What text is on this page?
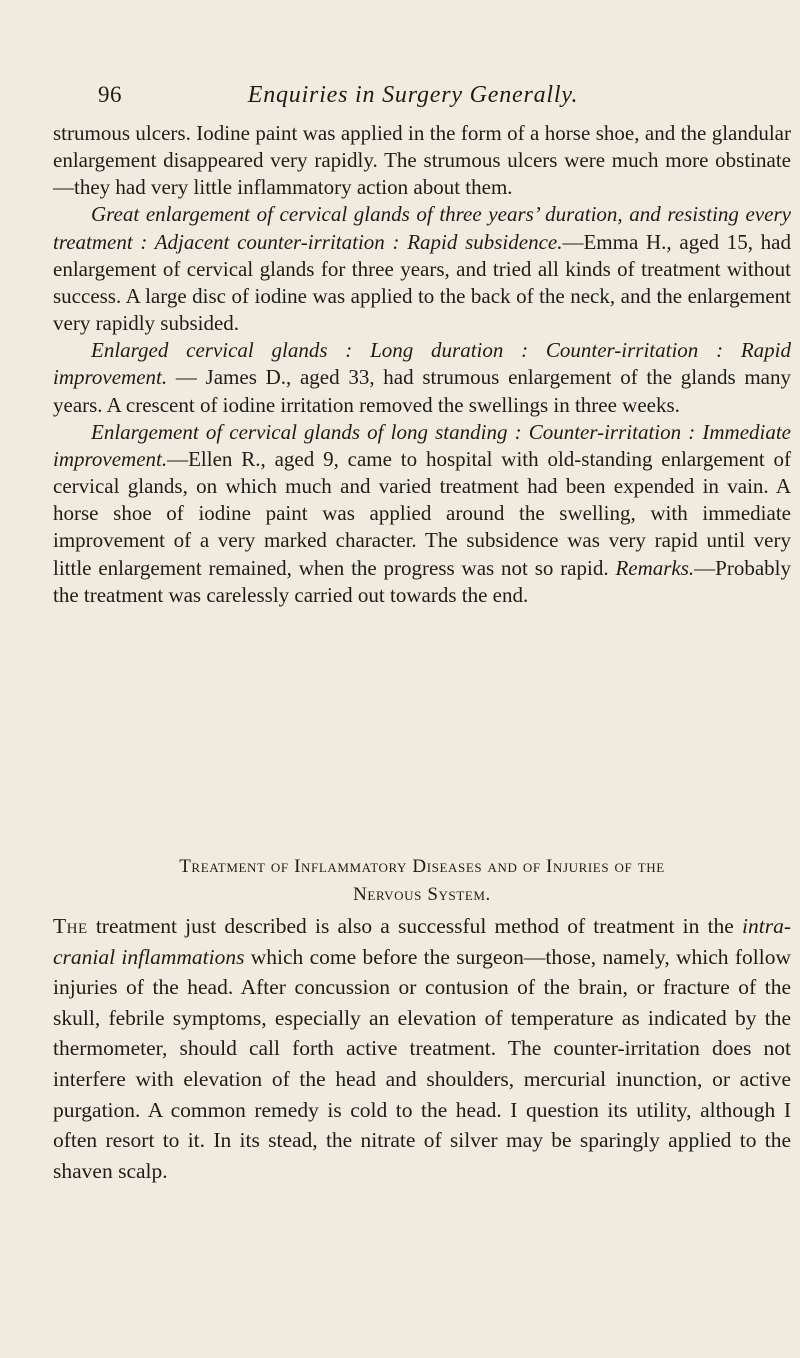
96	Enquiries in Surgery Generally.

strumous ulcers. Iodine paint was applied in the form of a horse shoe, and the glandular enlargement disappeared very rapidly. The strumous ulcers were much more obstinate—they had very little inflammatory action about them.

Great enlargement of cervical glands of three years’ duration, and resisting every treatment : Adjacent counter-irritation : Rapid subsidence.—Emma H., aged 15, had enlargement of cervical glands for three years, and tried all kinds of treatment without success. A large disc of iodine was applied to the back of the neck, and the enlargement very rapidly subsided.

Enlarged cervical glands : Long duration : Counter-irritation : Rapid improvement. — James D., aged 33, had strumous enlargement of the glands many years. A crescent of iodine irritation removed the swellings in three weeks.

Enlargement of cervical glands of long standing : Counter-irritation : Immediate improvement.—Ellen R., aged 9, came to hospital with old-standing enlargement of cervical glands, on which much and varied treatment had been expended in vain. A horse shoe of iodine paint was applied around the swelling, with immediate improvement of a very marked character. The subsidence was very rapid until very little enlargement remained, when the progress was not so rapid. Remarks.—Probably the treatment was carelessly carried out towards the end.

Treatment of Inflammatory Diseases and of Injuries of the
Nervous System.

The treatment just described is also a successful method of treatment in the intra-cranial inflammations which come before the surgeon—those, namely, which follow injuries of the head. After concussion or contusion of the brain, or fracture of the skull, febrile symptoms, especially an elevation of temperature as indicated by the thermometer, should call forth active treatment. The counter-irritation does not interfere with elevation of the head and shoulders, mercurial inunction, or active purgation. A common remedy is cold to the head. I question its utility, although I often resort to it. In its stead, the nitrate of silver may be sparingly applied to the shaven scalp.
